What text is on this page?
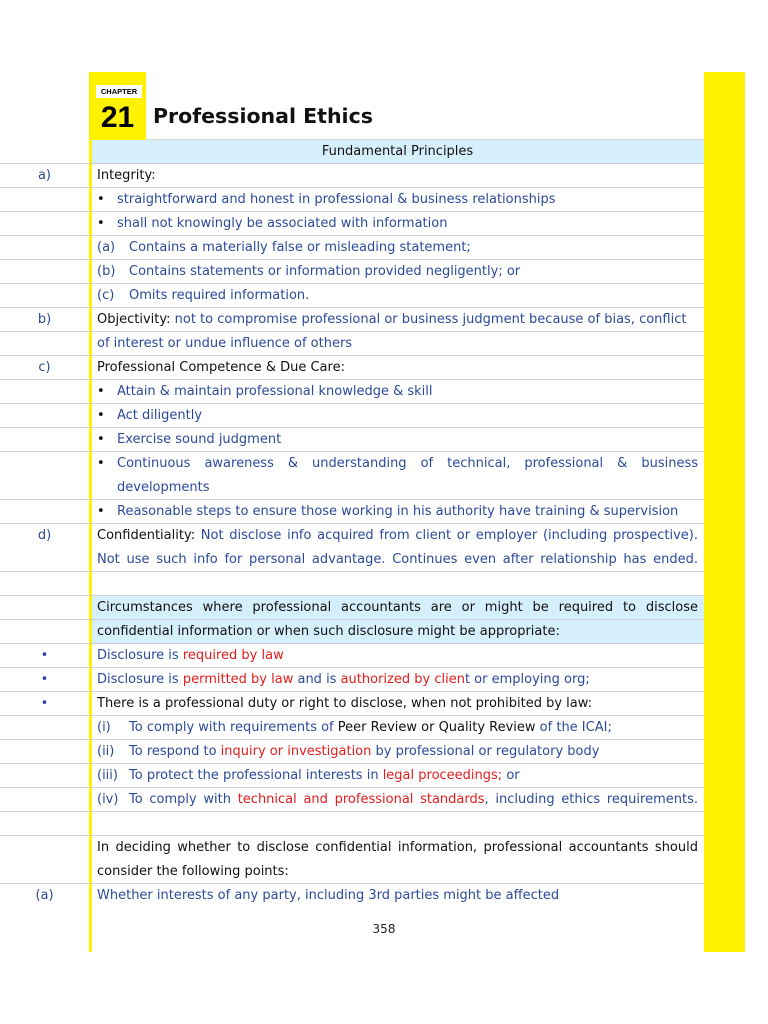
CHAPTER
21 Professional Ethics
Fundamental Principles
a)	Integrity:
• straightforward and honest in professional & business relationships
• shall not knowingly be associated with information
(a) Contains a materially false or misleading statement;
(b) Contains statements or information provided negligently; or
(c) Omits required information.
b)	Objectivity: not to compromise professional or business judgment because of bias, conflict
of interest or undue influence of others
c)	Professional Competence & Due Care:
• Attain & maintain professional knowledge & skill
• Act diligently
• Exercise sound judgment
• Continuous awareness & understanding of technical, professional & business
developments
• Reasonable steps to ensure those working in his authority have training & supervision
d)	Confidentiality: Not disclose info acquired from client or employer (including prospective).
Not use such info for personal advantage. Continues even after relationship has ended.
Circumstances where professional accountants are or might be required to disclose
confidential information or when such disclosure might be appropriate:
•	Disclosure is required by law
•	Disclosure is permitted by law and is authorized by client or employing org;
•	There is a professional duty or right to disclose, when not prohibited by law:
(i) To comply with requirements of Peer Review or Quality Review of the ICAI;
(ii) To respond to inquiry or investigation by professional or regulatory body
(iii) To protect the professional interests in legal proceedings; or
(iv) To comply with technical and professional standards, including ethics requirements.
In deciding whether to disclose confidential information, professional accountants should
consider the following points:
(a)	Whether interests of any party, including 3rd parties might be affected
358
